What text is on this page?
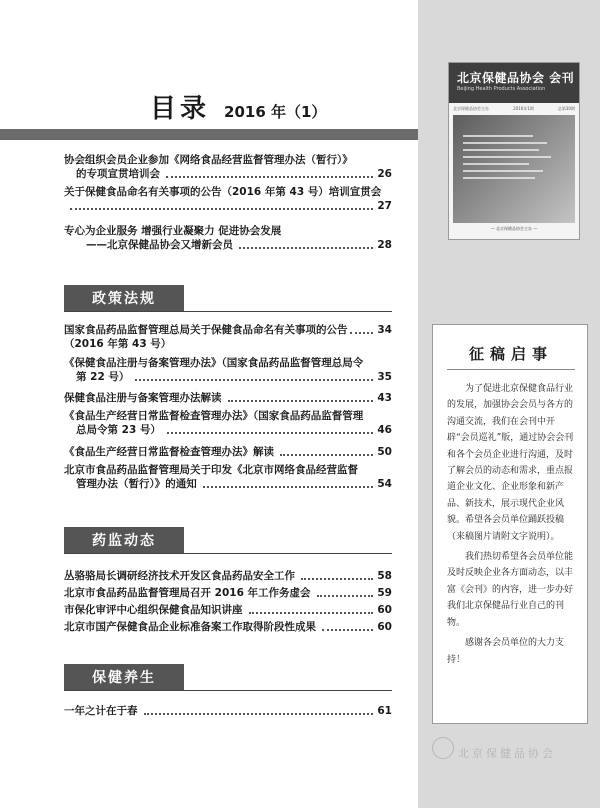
北京保健品协会 会刊
Beijing Health Products Association
北京保健品协会主办	2016年1期	总第30期
— 北京保健品协会主办 —
征稿启事

为了促进北京保健食品行业的发展，加强协会会员与各方的沟通交流，我们在会刊中开辟“会员巡礼”版，通过协会会刊和各个会员企业进行沟通，及时了解会员的动态和需求，重点报道企业文化、企业形象和新产品、新技术，展示现代企业风貌。希望各会员单位踊跃投稿（来稿图片请附文字说明）。

我们热切希望各会员单位能及时反映企业各方面动态，以丰富《会刊》的内容，进一步办好我们北京保健品行业自己的刊物。

感谢各会员单位的大力支持！

北京保健品协会
目录 2016 年（1）
协会组织会员企业参加《网络食品经营监督管理办法（暂行）》
的专项宣贯培训会	26
关于保健食品命名有关事项的公告（2016 年第 43 号）培训宣贯会
27
专心为企业服务 增强行业凝聚力 促进协会发展
——北京保健品协会又增新会员	28
政策法规
国家食品药品监督管理总局关于保健食品命名有关事项的公告	34
（2016 年第 43 号）
《保健食品注册与备案管理办法》（国家食品药品监督管理总局令
第 22 号）	35
保健食品注册与备案管理办法解读	43
《食品生产经营日常监督检查管理办法》（国家食品药品监督管理
总局令第 23 号）	46
《食品生产经营日常监督检查管理办法》解读	50
北京市食品药品监督管理局关于印发《北京市网络食品经营监督
管理办法（暂行）》的通知	54
药监动态
丛骆骆局长调研经济技术开发区食品药品安全工作	58
北京市食品药品监督管理局召开 2016 年工作务虚会	59
市保化审评中心组织保健食品知识讲座	60
北京市国产保健食品企业标准备案工作取得阶段性成果	60
保健养生
一年之计在于春	61
